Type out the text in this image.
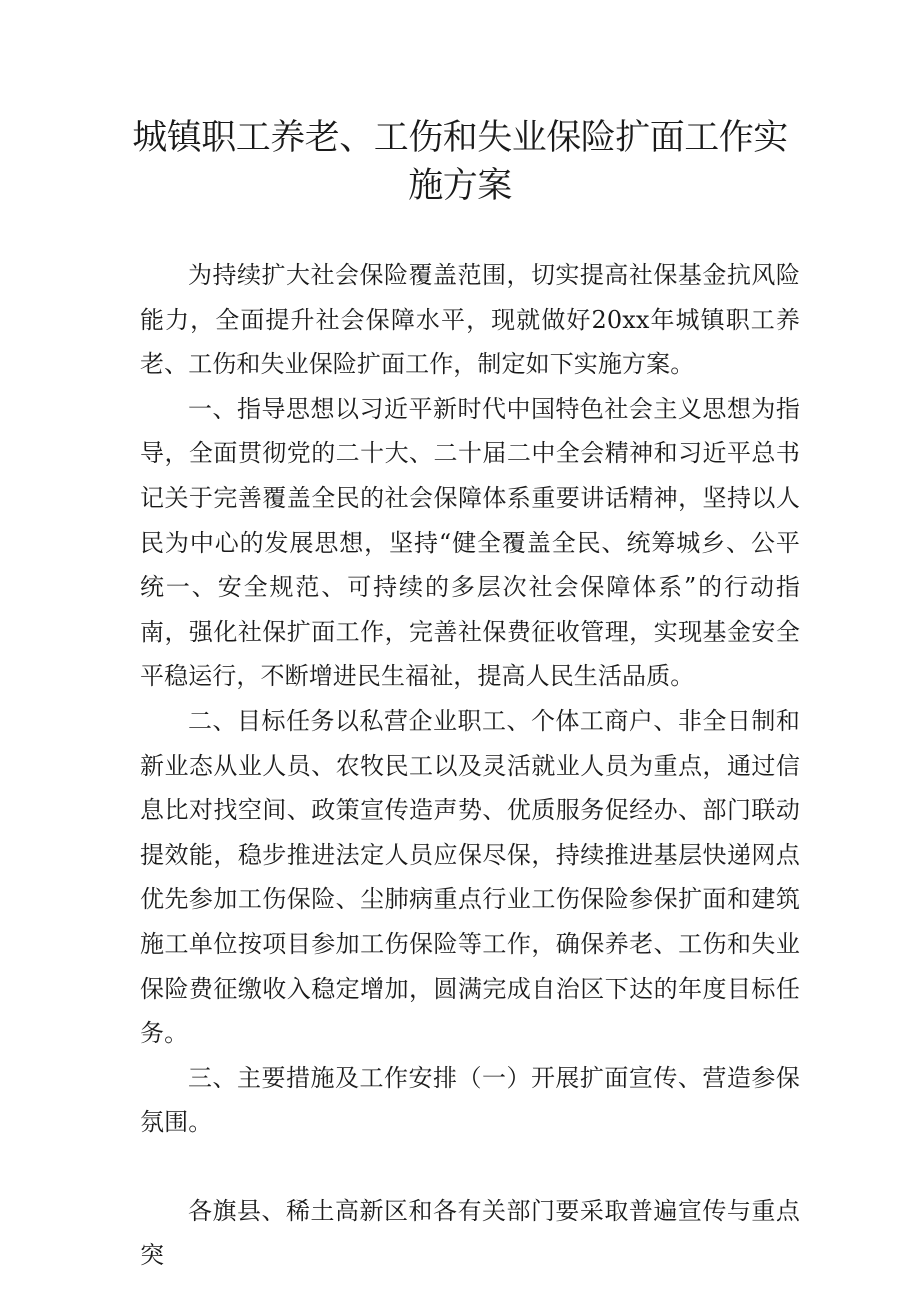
城镇职工养老、工伤和失业保险扩面工作实
施方案

为持续扩大社会保险覆盖范围，切实提高社保基金抗风险能力，全面提升社会保障水平，现就做好20xx年城镇职工养老、工伤和失业保险扩面工作，制定如下实施方案。

一、指导思想以习近平新时代中国特色社会主义思想为指导，全面贯彻党的二十大、二十届二中全会精神和习近平总书记关于完善覆盖全民的社会保障体系重要讲话精神，坚持以人民为中心的发展思想，坚持“健全覆盖全民、统筹城乡、公平统一、安全规范、可持续的多层次社会保障体系”的行动指南，强化社保扩面工作，完善社保费征收管理，实现基金安全平稳运行，不断增进民生福祉，提高人民生活品质。

二、目标任务以私营企业职工、个体工商户、非全日制和新业态从业人员、农牧民工以及灵活就业人员为重点，通过信息比对找空间、政策宣传造声势、优质服务促经办、部门联动提效能，稳步推进法定人员应保尽保，持续推进基层快递网点优先参加工伤保险、尘肺病重点行业工伤保险参保扩面和建筑施工单位按项目参加工伤保险等工作，确保养老、工伤和失业保险费征缴收入稳定增加，圆满完成自治区下达的年度目标任务。

三、主要措施及工作安排（一）开展扩面宣传、营造参保氛围。

各旗县、稀土高新区和各有关部门要采取普遍宣传与重点突
